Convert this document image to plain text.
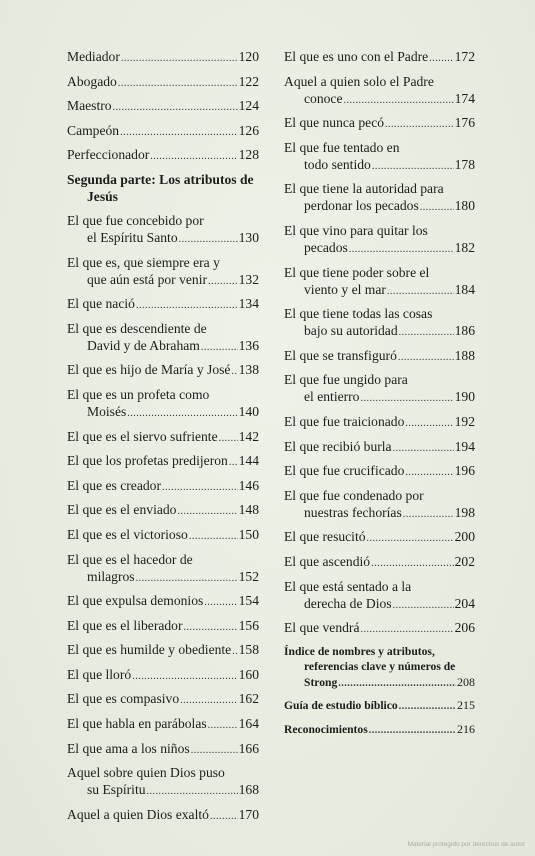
Mediador .....	120
Abogado .....	122
Maestro .....	124
Campeón .....	126
Perfeccionador .....	128
Segunda parte: Los atributos de
Jesús
El que fue concebido por
el Espíritu Santo .....	130
El que es, que siempre era y
que aún está por venir ..... 132
El que nació .....	134
El que es descendiente de
David y de Abraham .....	136
El que es hijo de María y José ..... 138
El que es un profeta como
Moisés .....	140
El que es el siervo sufriente ..... 142
El que los profetas predijeron ..... 144
El que es creador .....	146
El que es el enviado .....	148
El que es el victorioso .....	150
El que es el hacedor de
milagros .....	152
El que expulsa demonios .....	154
El que es el liberador .....	156
El que es humilde y obediente ..... 158
El que lloró .....	160
El que es compasivo .....	162
El que habla en parábolas ..... 164
El que ama a los niños .....	166
Aquel sobre quien Dios puso
su Espíritu .....	168
Aquel a quien Dios exaltó ..... 170
El que es uno con el Padre ..... 172
Aquel a quien solo el Padre
conoce .....	174
El que nunca pecó .....	176
El que fue tentado en
todo sentido .....	178
El que tiene la autoridad para
perdonar los pecados .....	180
El que vino para quitar los
pecados .....	182
El que tiene poder sobre el
viento y el mar .....	184
El que tiene todas las cosas
bajo su autoridad .....	186
El que se transfiguró .....	188
El que fue ungido para
el entierro .....	190
El que fue traicionado .....	192
El que recibió burla .....	194
El que fue crucificado .....	196
El que fue condenado por
nuestras fechorías .....	198
El que resucitó .....	200
El que ascendió .....	202
El que está sentado a la
derecha de Dios .....	204
El que vendrá .....	206
Índice de nombres y atributos,
referencias clave y números de
Strong .....	208
Guía de estudio bíblico .....	215
Reconocimientos .....	216
Material protegido por derechos de autor
